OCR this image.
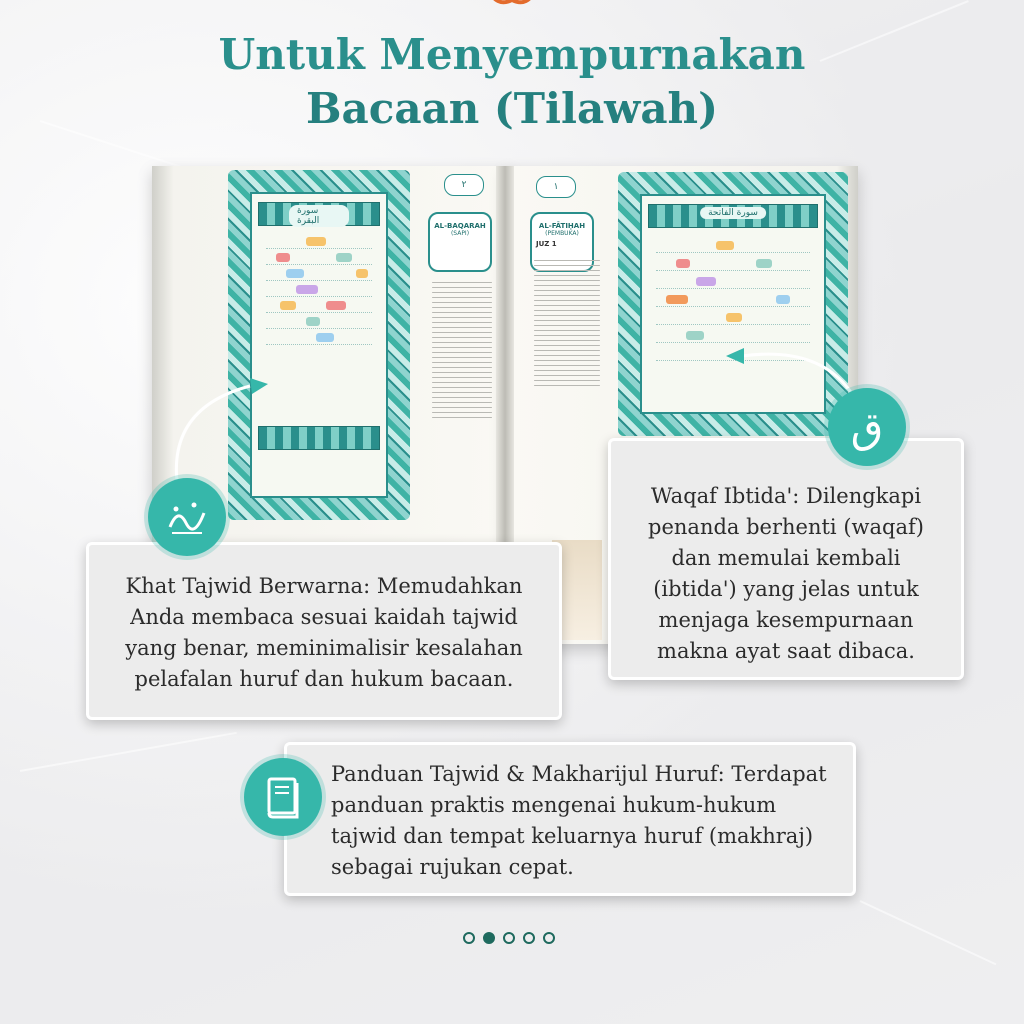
Untuk Menyempurnakan
Bacaan (Tilawah)
سورة البقرة
٢
AL-BAQARAH
(SAPI)
١
AL-FĀTIḤAH
(PEMBUKA)
JUZ 1
سورة الفاتحة

Khat Tajwid Berwarna: Memudahkan Anda membaca sesuai kaidah tajwid yang benar, meminimalisir kesalahan pelafalan huruf dan hukum bacaan.

Waqaf Ibtida': Dilengkapi penanda berhenti (waqaf) dan memulai kembali (ibtida') yang jelas untuk menjaga kesempurnaan makna ayat saat dibaca.

ق

Panduan Tajwid & Makharijul Huruf: Terdapat panduan praktis mengenai hukum-hukum tajwid dan tempat keluarnya huruf (makhraj) sebagai rujukan cepat.
